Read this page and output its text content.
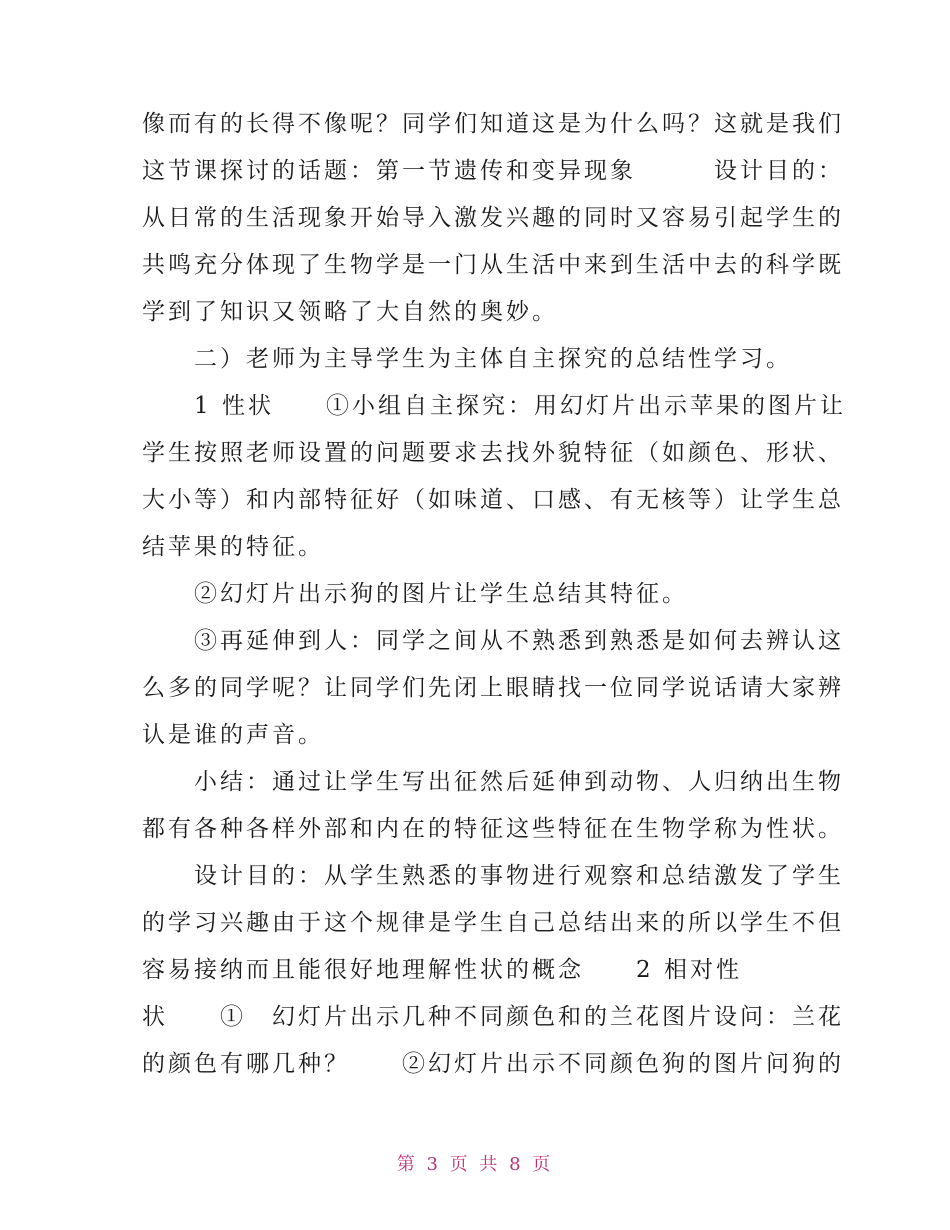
像而有的长得不像呢？同学们知道这是为什么吗？这就是我们
这节课探讨的话题：第一节遗传和变异现象　　　设计目的：
从日常的生活现象开始导入激发兴趣的同时又容易引起学生的
共鸣充分体现了生物学是一门从生活中来到生活中去的科学既
学到了知识又领略了大自然的奥妙。
　　二）老师为主导学生为主体自主探究的总结性学习。
　　1 性状　　①小组自主探究：用幻灯片出示苹果的图片让
学生按照老师设置的问题要求去找外貌特征（如颜色、形状、
大小等）和内部特征好（如味道、口感、有无核等）让学生总
结苹果的特征。
　　②幻灯片出示狗的图片让学生总结其特征。
　　③再延伸到人：同学之间从不熟悉到熟悉是如何去辨认这
么多的同学呢？让同学们先闭上眼睛找一位同学说话请大家辨
认是谁的声音。
　　小结：通过让学生写出征然后延伸到动物、人归纳出生物
都有各种各样外部和内在的特征这些特征在生物学称为性状。
　　设计目的：从学生熟悉的事物进行观察和总结激发了学生
的学习兴趣由于这个规律是学生自己总结出来的所以学生不但
容易接纳而且能很好地理解性状的概念　　2 相对性
状　　①　幻灯片出示几种不同颜色和的兰花图片设问：兰花
的颜色有哪几种？　　②幻灯片出示不同颜色狗的图片问狗的
第 3 页 共 8 页
